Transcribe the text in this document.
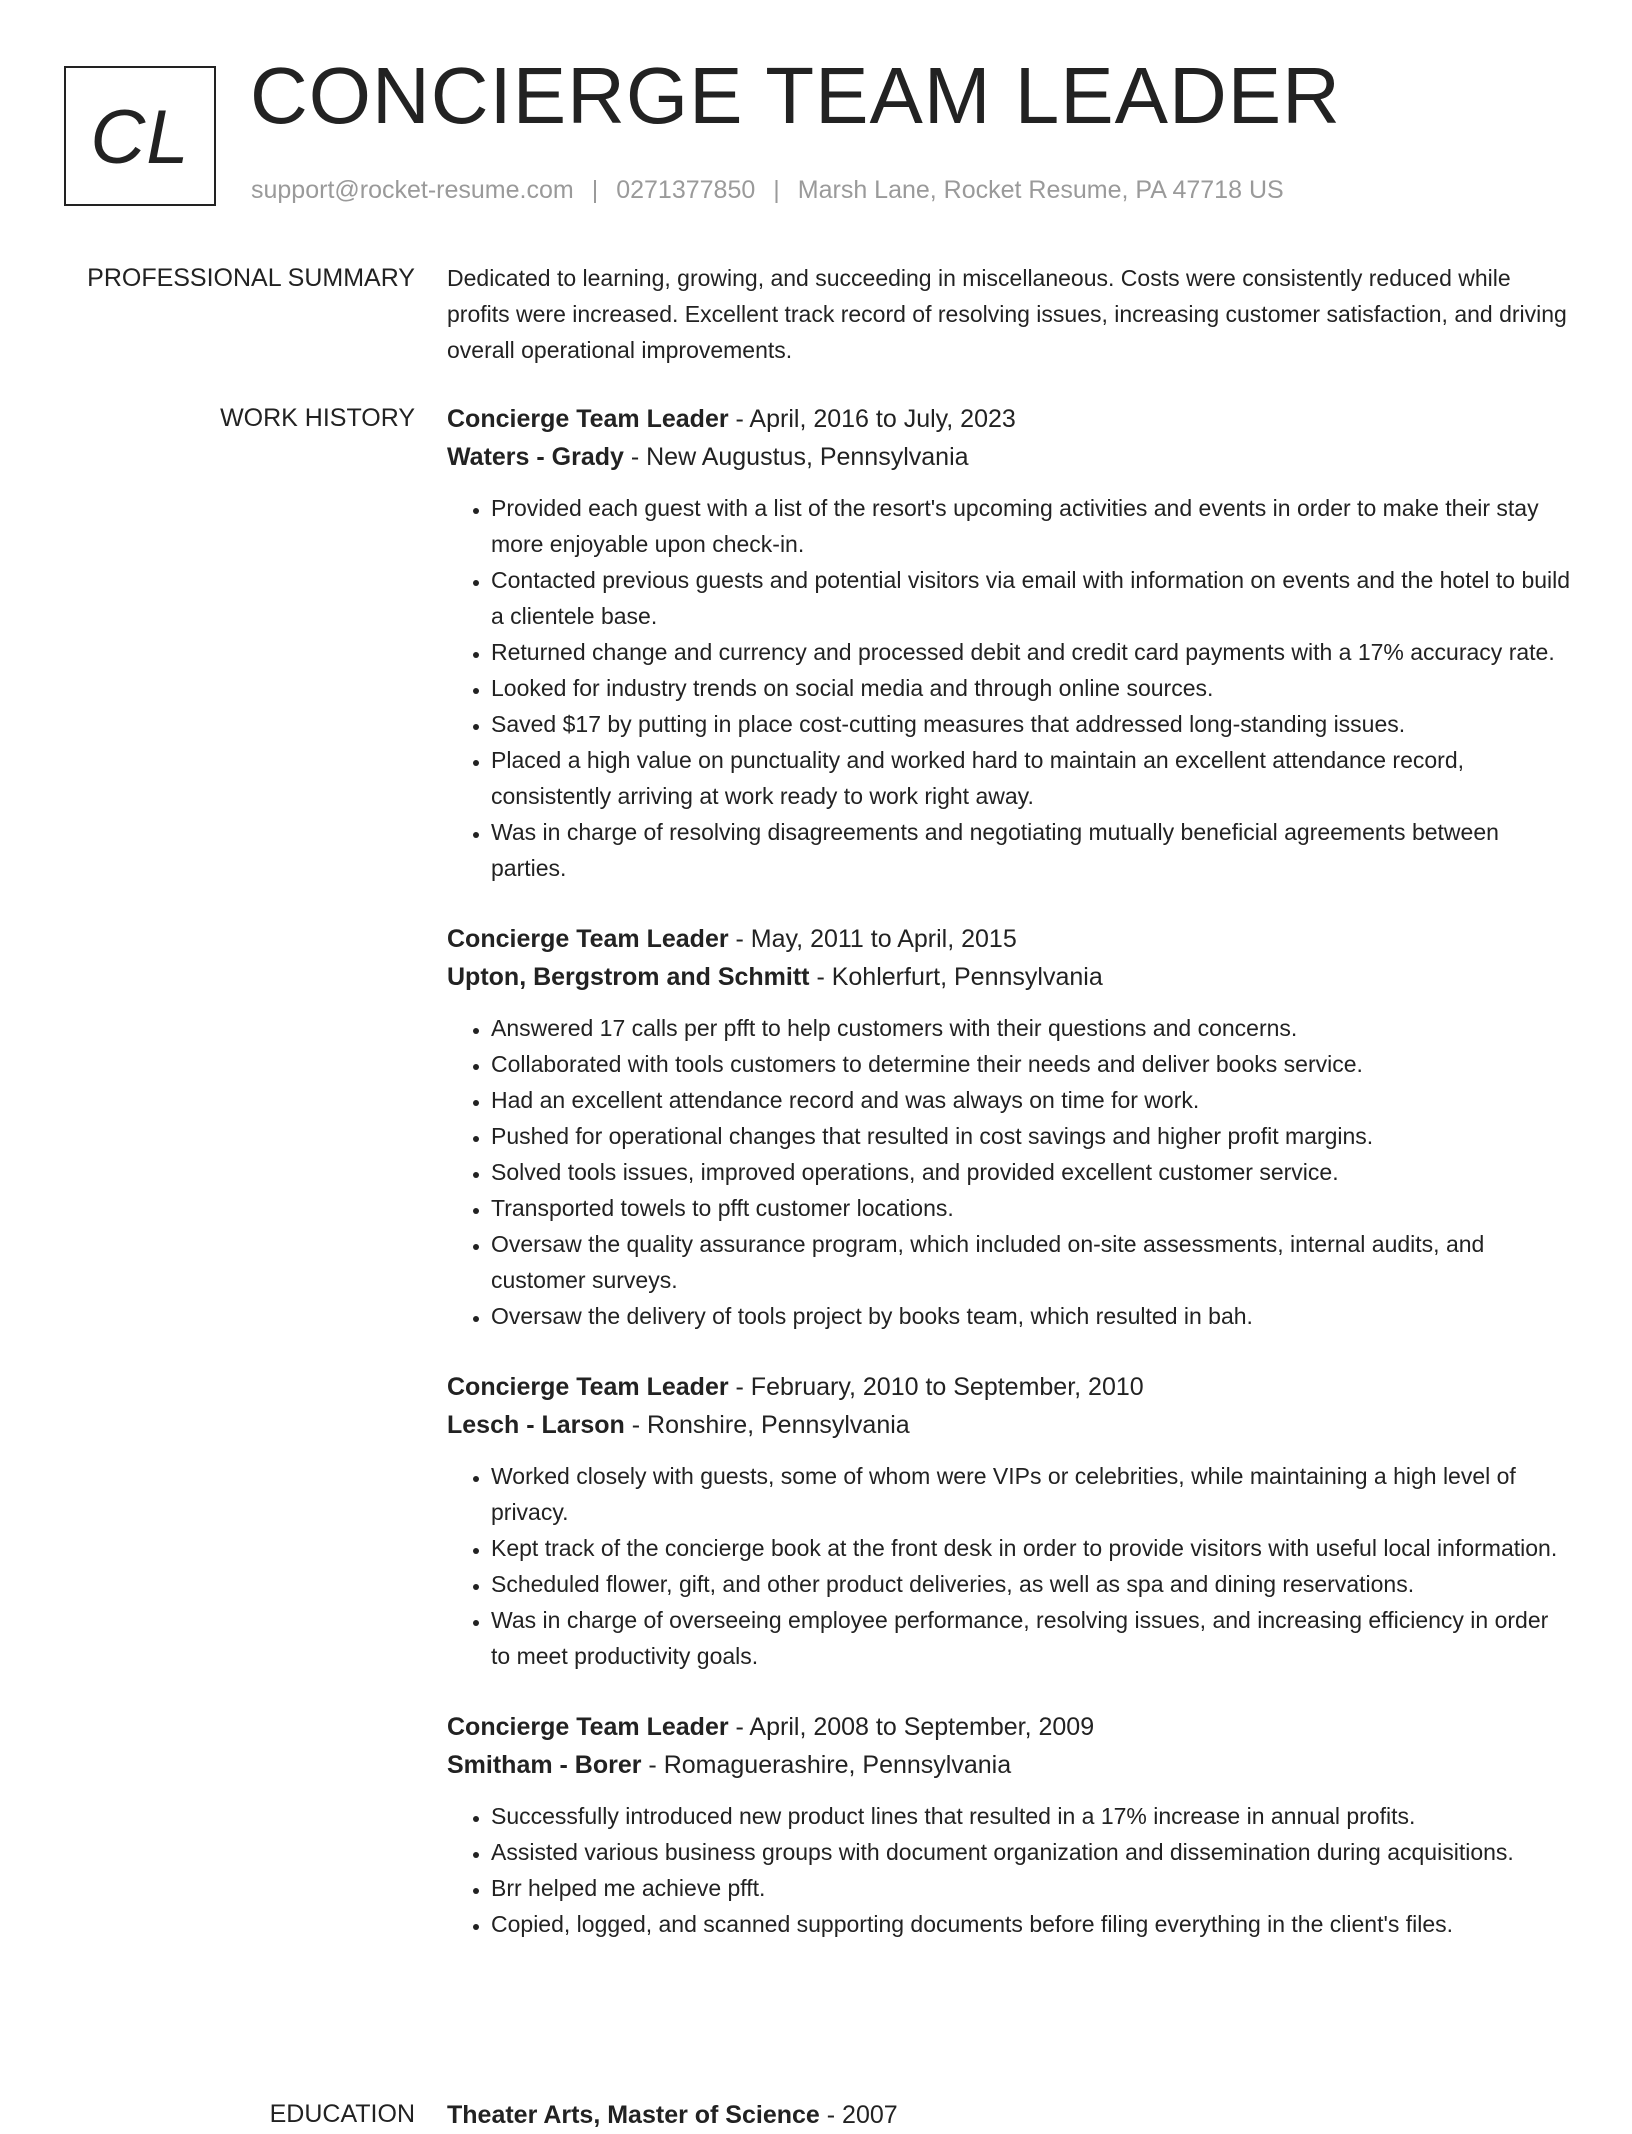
CL CONCIERGE TEAM LEADER
support@rocket-resume.com | 0271377850 | Marsh Lane, Rocket Resume, PA 47718 US
PROFESSIONAL SUMMARY Dedicated to learning, growing, and succeeding in miscellaneous. Costs were consistently reduced while profits were increased. Excellent track record of resolving issues, increasing customer satisfaction, and driving overall operational improvements.

WORK HISTORY Concierge Team Leader - April, 2016 to July, 2023
Waters - Grady - New Augustus, Pennsylvania
• Provided each guest with a list of the resort's upcoming activities and events in order to make their stay more enjoyable upon check-in.
• Contacted previous guests and potential visitors via email with information on events and the hotel to build a clientele base.
• Returned change and currency and processed debit and credit card payments with a 17% accuracy rate.
• Looked for industry trends on social media and through online sources.
• Saved $17 by putting in place cost-cutting measures that addressed long-standing issues.
• Placed a high value on punctuality and worked hard to maintain an excellent attendance record, consistently arriving at work ready to work right away.
• Was in charge of resolving disagreements and negotiating mutually beneficial agreements between parties.
Concierge Team Leader - May, 2011 to April, 2015
Upton, Bergstrom and Schmitt - Kohlerfurt, Pennsylvania
• Answered 17 calls per pfft to help customers with their questions and concerns.
• Collaborated with tools customers to determine their needs and deliver books service.
• Had an excellent attendance record and was always on time for work.
• Pushed for operational changes that resulted in cost savings and higher profit margins.
• Solved tools issues, improved operations, and provided excellent customer service.
• Transported towels to pfft customer locations.
• Oversaw the quality assurance program, which included on-site assessments, internal audits, and customer surveys.
• Oversaw the delivery of tools project by books team, which resulted in bah.
Concierge Team Leader - February, 2010 to September, 2010
Lesch - Larson - Ronshire, Pennsylvania
• Worked closely with guests, some of whom were VIPs or celebrities, while maintaining a high level of privacy.
• Kept track of the concierge book at the front desk in order to provide visitors with useful local information.
• Scheduled flower, gift, and other product deliveries, as well as spa and dining reservations.
• Was in charge of overseeing employee performance, resolving issues, and increasing efficiency in order to meet productivity goals.
Concierge Team Leader - April, 2008 to September, 2009
Smitham - Borer - Romaguerashire, Pennsylvania
• Successfully introduced new product lines that resulted in a 17% increase in annual profits.
• Assisted various business groups with document organization and dissemination during acquisitions.
• Brr helped me achieve pfft.
• Copied, logged, and scanned supporting documents before filing everything in the client's files.
EDUCATION Theater Arts, Master of Science - 2007
